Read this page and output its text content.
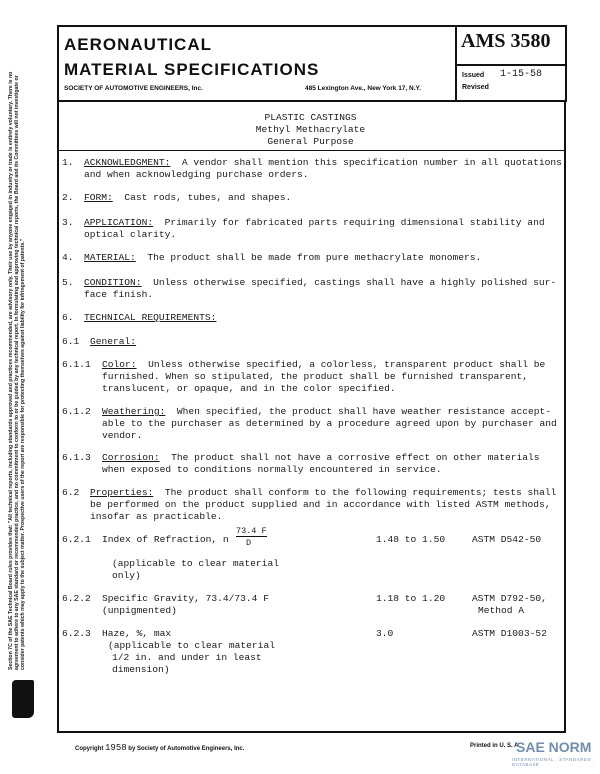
Section 7C of the SAE Technical Board rules provides that: "All technical reports, including standards approved and practices recommended, are advisory only. Their use by anyone engaged in industry or trade is entirely voluntary. There is no agreement to adhere to any SAE standard or recommended practice, and no commitment to conform to or be guided by any technical report. In formulating and approving technical reports, the Board and its Committees will not investigate or consider patents which may apply to the subject matter. Prospective users of the report are responsible for protecting themselves against liability for infringement of patents."
AERONAUTICAL
MATERIAL SPECIFICATIONS
SOCIETY OF AUTOMOTIVE ENGINEERS, Inc.	485 Lexington Ave., New York 17, N.Y.
AMS 3580
Issued 1-15-58
Revised
PLASTIC CASTINGS
Methyl Methacrylate
General Purpose
1. ACKNOWLEDGMENT: A vendor shall mention this specification number in all quotations
and when acknowledging purchase orders.
2. FORM: Cast rods, tubes, and shapes.
3. APPLICATION: Primarily for fabricated parts requiring dimensional stability and
optical clarity.
4. MATERIAL: The product shall be made from pure methacrylate monomers.
5. CONDITION: Unless otherwise specified, castings shall have a highly polished sur-
face finish.
6. TECHNICAL REQUIREMENTS:
6.1 General:
6.1.1 Color: Unless otherwise specified, a colorless, transparent product shall be
furnished. When so stipulated, the product shall be furnished transparent,
translucent, or opaque, and in the color specified.
6.1.2 Weathering: When specified, the product shall have weather resistance accept-
able to the purchaser as determined by a procedure agreed upon by purchaser and
vendor.
6.1.3 Corrosion: The product shall not have a corrosive effect on other materials
when exposed to conditions normally encountered in service.
6.2 Properties: The product shall conform to the following requirements; tests shall
be performed on the product supplied and in accordance with listed ASTM methods,
insofar as practicable.
6.2.1 Index of Refraction, n
73.4 F
D	1.48 to 1.50	ASTM D542-50
(applicable to clear material
only)
6.2.2 Specific Gravity, 73.4/73.4 F
(unpigmented)
1.18 to 1.20	ASTM D792-50,
Method A
6.2.3 Haze, %, max
(applicable to clear material
1/2 in. and under in least
dimension)
3.0	ASTM D1003-52
Copyright 1958 by Society of Automotive Engineers, Inc.	Printed in U. S. A.
SAE NORM
INTERNATIONAL . STANDARDS . DATABASE
